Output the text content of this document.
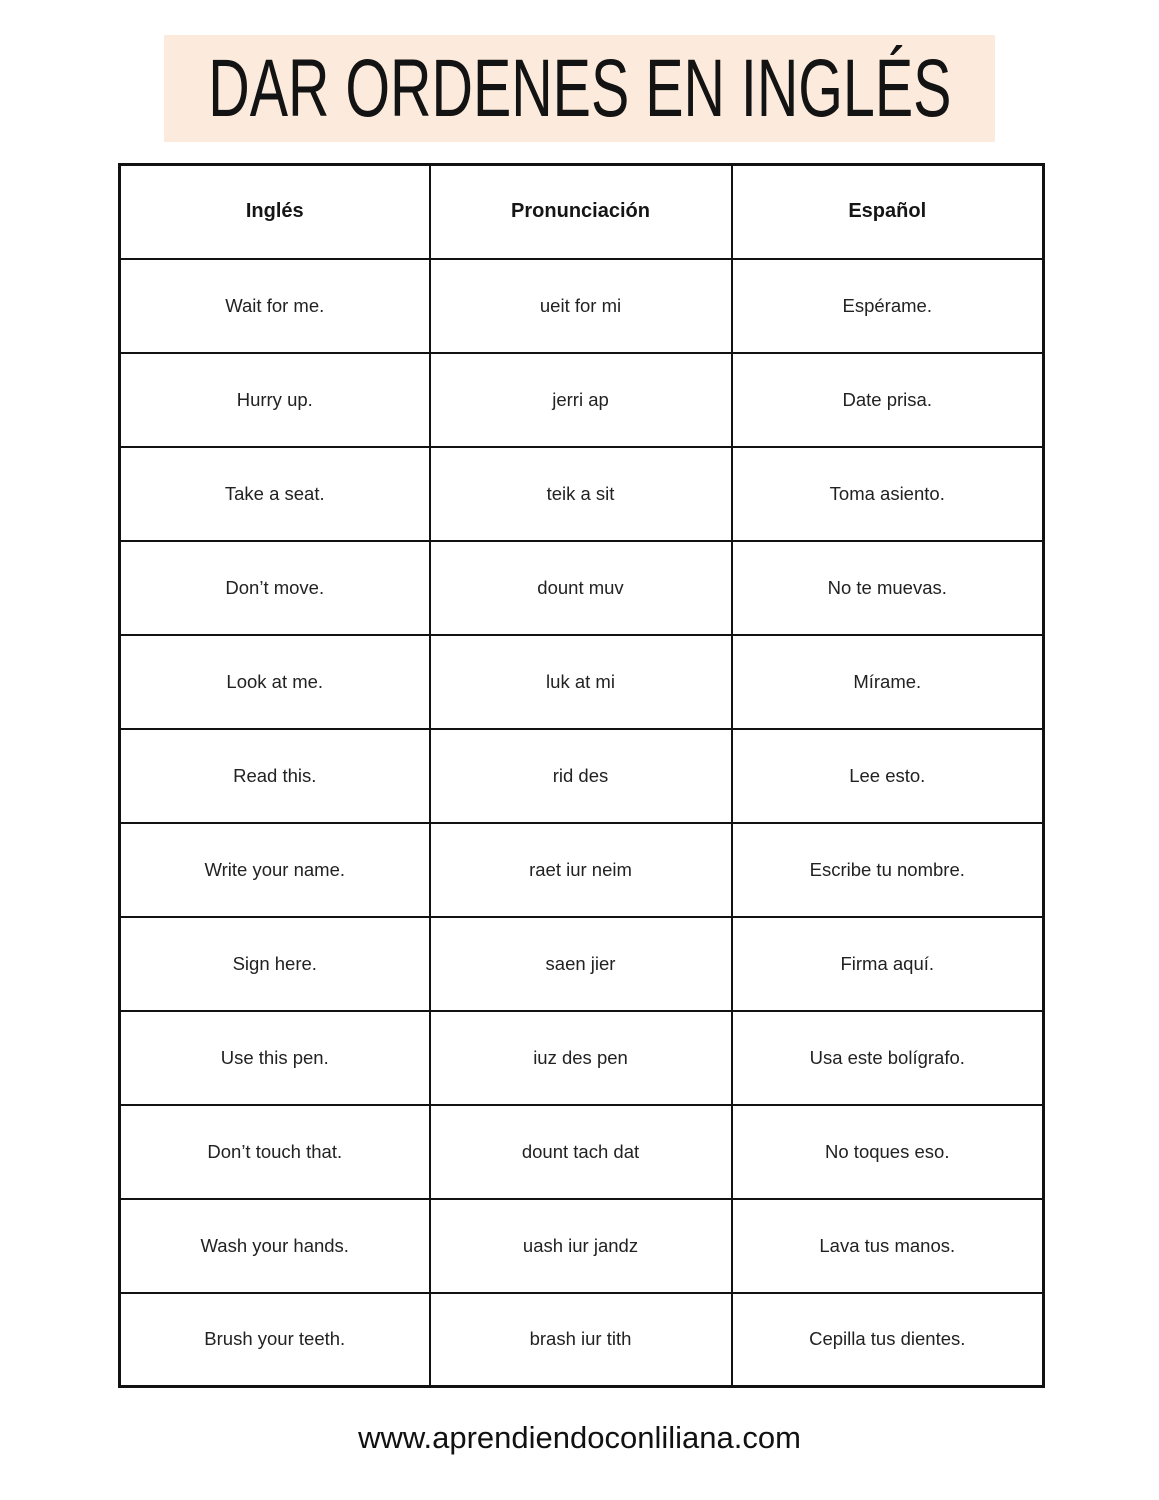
DAR ORDENES EN INGLÉS
Inglés	Pronunciación	Español
Wait for me.	ueit for mi	Espérame.
Hurry up.	jerri ap	Date prisa.
Take a seat.	teik a sit	Toma asiento.
Don’t move.	dount muv	No te muevas.
Look at me.	luk at mi	Mírame.
Read this.	rid des	Lee esto.
Write your name.	raet iur neim	Escribe tu nombre.
Sign here.	saen jier	Firma aquí.
Use this pen.	iuz des pen	Usa este bolígrafo.
Don’t touch that.	dount tach dat	No toques eso.
Wash your hands.	uash iur jandz	Lava tus manos.
Brush your teeth.	brash iur tith	Cepilla tus dientes.
www.aprendiendoconliliana.com
